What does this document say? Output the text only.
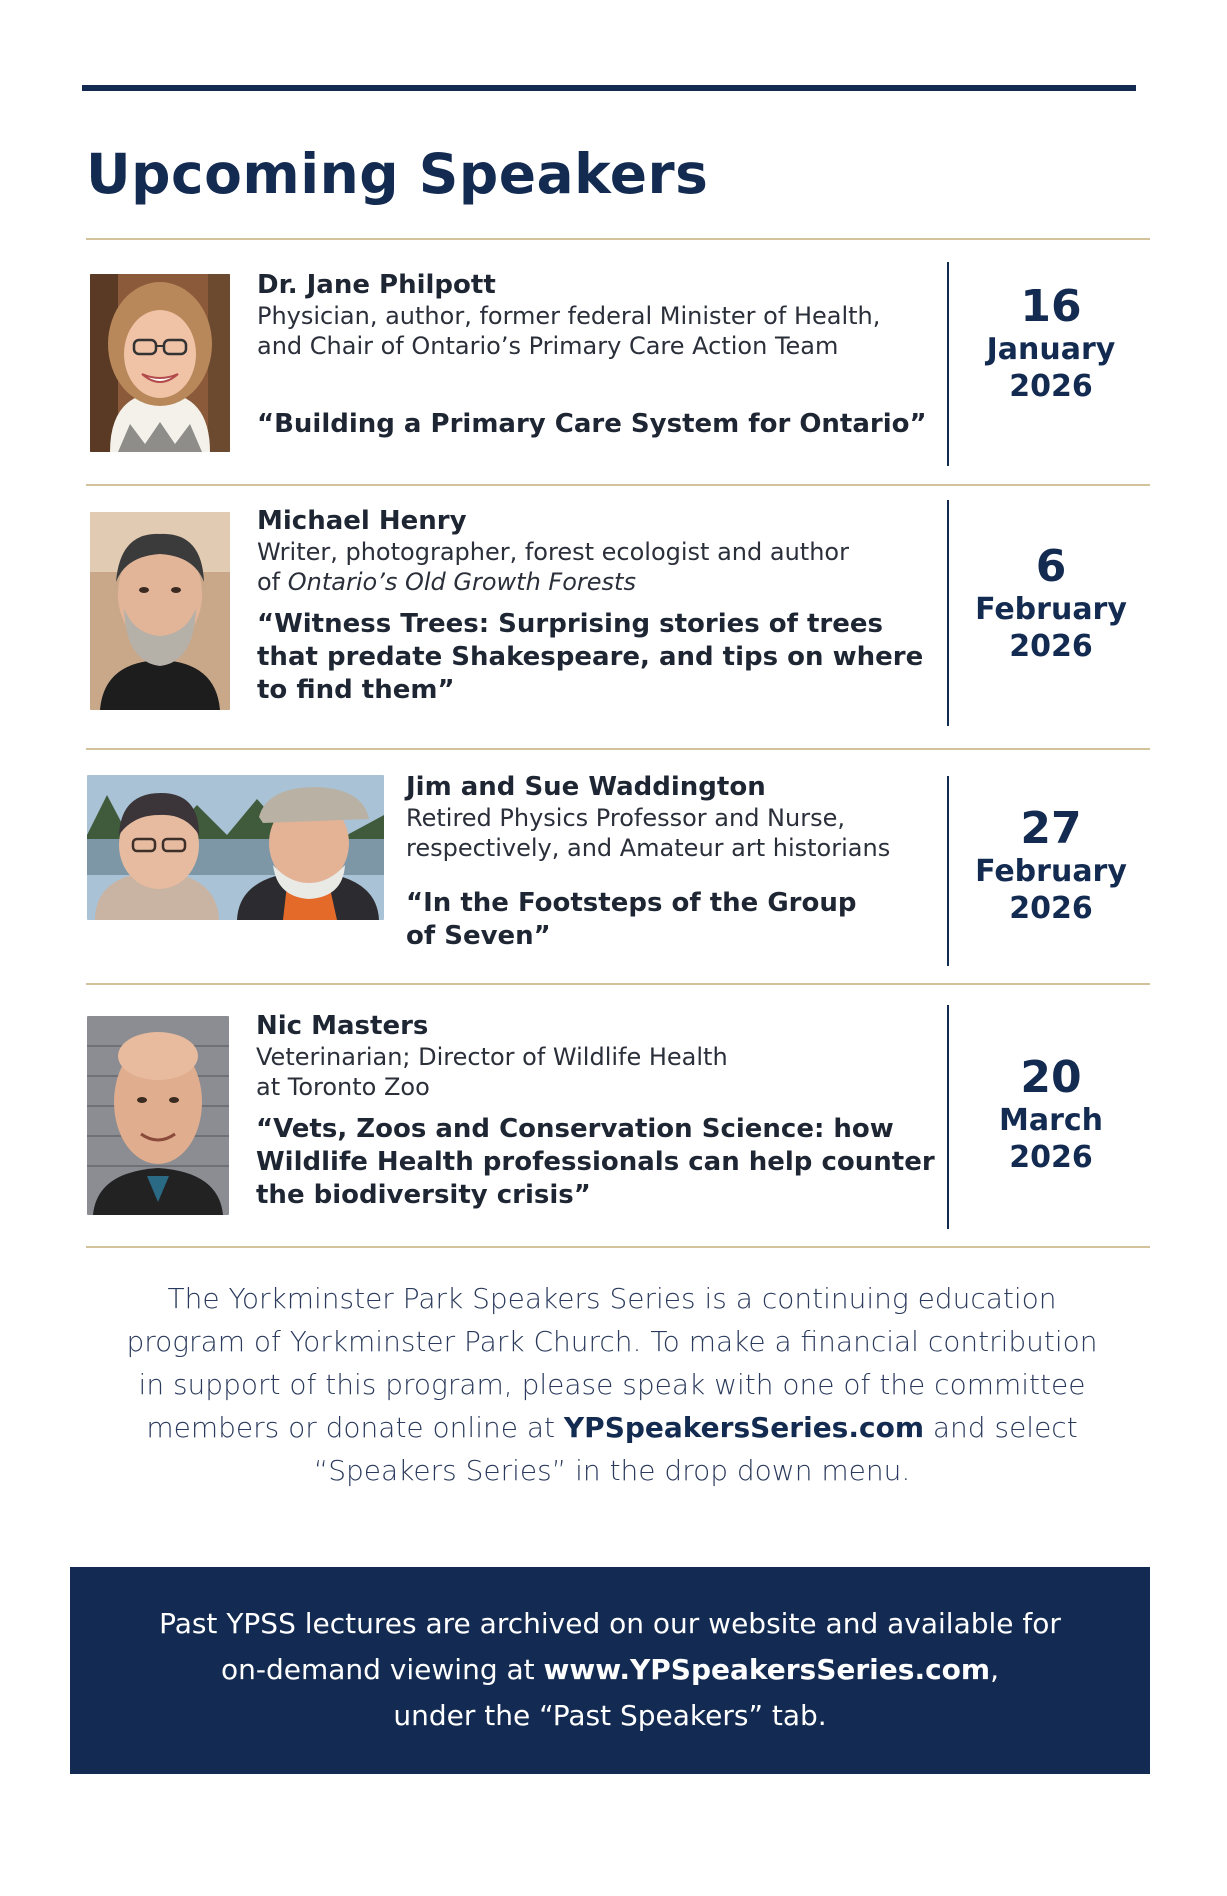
Upcoming Speakers

Dr. Jane Philpott

Physician, author, former federal Minister of Health,

and Chair of Ontario’s Primary Care Action Team

“Building a Primary Care System for Ontario”

16
January
2026

Michael Henry

Writer, photographer, forest ecologist and author

of Ontario’s Old Growth Forests

“Witness Trees: Surprising stories of trees

that predate Shakespeare, and tips on where

to find them”

6
February
2026

Jim and Sue Waddington

Retired Physics Professor and Nurse,

respectively, and Amateur art historians

“In the Footsteps of the Group

of Seven”

27
February
2026

Nic Masters

Veterinarian; Director of Wildlife Health

at Toronto Zoo

“Vets, Zoos and Conservation Science: how

Wildlife Health professionals can help counter

the biodiversity crisis”

20
March
2026
The Yorkminster Park Speakers Series is a continuing education
program of Yorkminster Park Church. To make a financial contribution
in support of this program, please speak with one of the committee
members or donate online at YPSpeakersSeries.com and select
“Speakers Series” in the drop down menu.
Past YPSS lectures are archived on our website and available for
on-demand viewing at www.YPSpeakersSeries.com,
under the “Past Speakers” tab.
